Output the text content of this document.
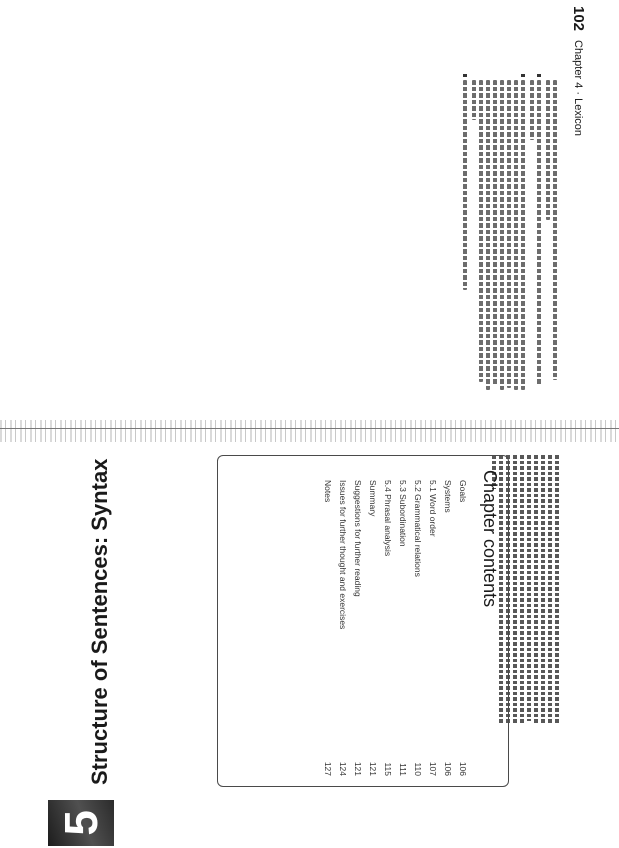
102
Chapter 4 · Lexicon
5
Structure of Sentences: Syntax	Chapter contents
Goals
106
Systems
106
5.1 Word order
107
5.2 Grammatical relations
110
5.3 Subordination
111
5.4 Phrasal analysis
115
Summary
121
Suggestions for further reading
121
Issues for further thought and exercises
124
Notes
127
